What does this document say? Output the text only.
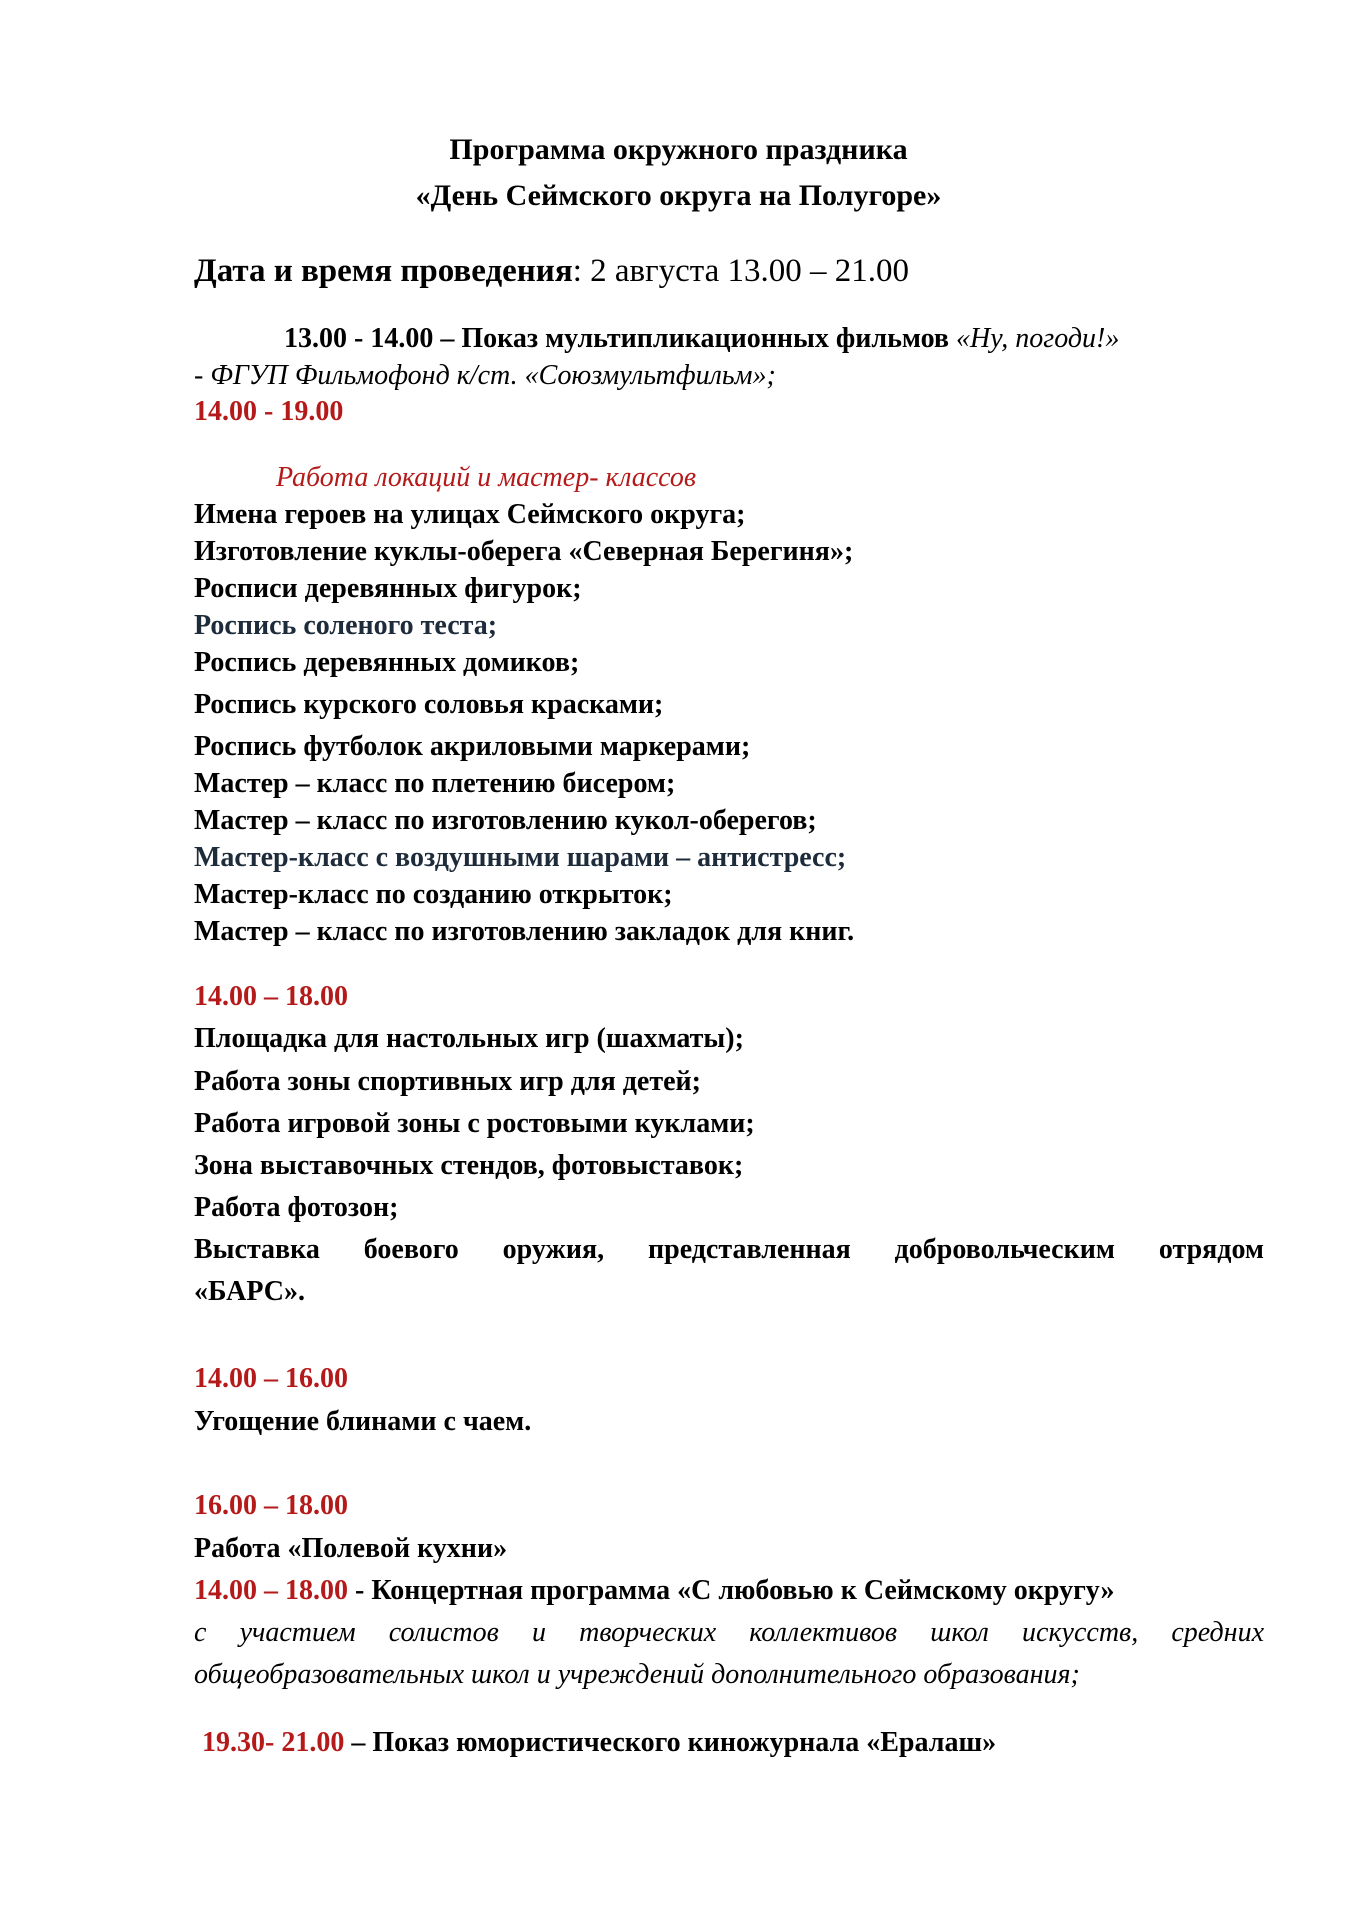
Программа окружного праздника
«День Сеймского округа на Полугоре»
Дата и время проведения: 2 августа 13.00 – 21.00
13.00 - 14.00 – Показ мультипликационных фильмов «Ну, погоди!»
- ФГУП Фильмофонд к/ст. «Союзмультфильм»;
14.00 - 19.00
Работа локаций и мастер- классов
Имена героев на улицах Сеймского округа;
Изготовление куклы-оберега «Северная Берегиня»;
Росписи деревянных фигурок;
Роспись соленого теста;
Роспись деревянных домиков;
Роспись курского соловья красками;
Роспись футболок акриловыми маркерами;
Мастер – класс по плетению бисером;
Мастер – класс по изготовлению кукол-оберегов;
Мастер-класс с воздушными шарами – антистресс;
Мастер-класс по созданию открыток;
Мастер – класс по изготовлению закладок для книг.
14.00 – 18.00
Площадка для настольных игр (шахматы);
Работа зоны спортивных игр для детей;
Работа игровой зоны с ростовыми куклами;
Зона выставочных стендов, фотовыставок;
Работа фотозон;
Выставка боевого оружия, представленная добровольческим отрядом
«БАРС».
14.00 – 16.00
Угощение блинами с чаем.
16.00 – 18.00
Работа «Полевой кухни»
14.00 – 18.00 - Концертная программа «С любовью к Сеймскому округу»
с участием солистов и творческих коллективов школ искусств, средних
общеобразовательных школ и учреждений дополнительного образования;
19.30- 21.00 – Показ юмористического киножурнала «Ералаш»
